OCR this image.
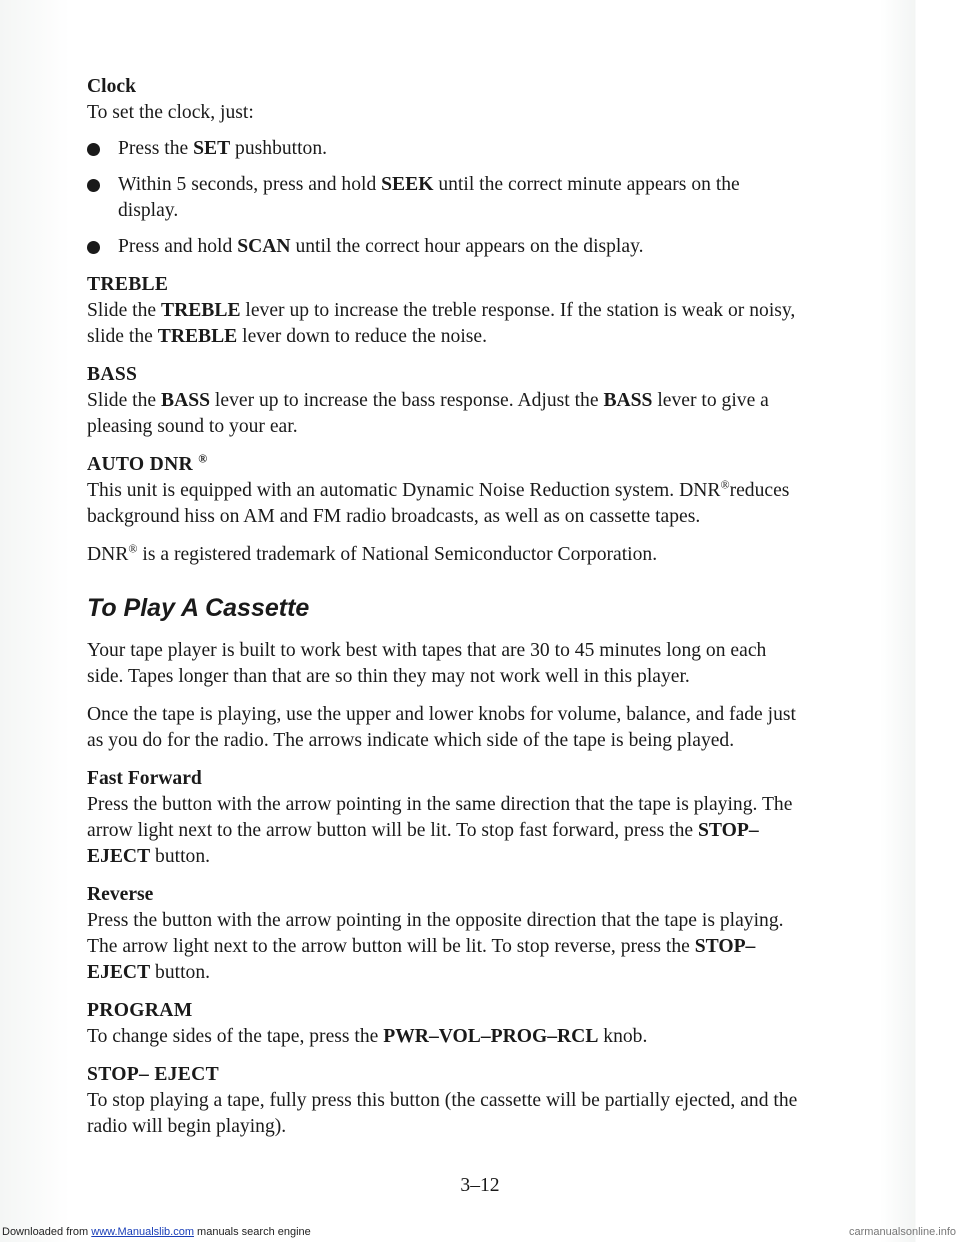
Clock

To set the clock, just:

Press the SET pushbutton.
Within 5 seconds, press and hold SEEK until the correct minute appears on the display.
Press and hold SCAN until the correct hour appears on the display.
TREBLE
Slide the TREBLE lever up to increase the treble response. If the station is weak or noisy, slide the TREBLE lever down to reduce the noise.
BASS
Slide the BASS lever up to increase the bass response. Adjust the BASS lever to give a pleasing sound to your ear.
AUTO DNR ®
This unit is equipped with an automatic Dynamic Noise Reduction system. DNR®reduces background hiss on AM and FM radio broadcasts, as well as on cassette tapes.

DNR® is a registered trademark of National Semiconductor Corporation.

To Play A Cassette

Your tape player is built to work best with tapes that are 30 to 45 minutes long on each side. Tapes longer than that are so thin they may not work well in this player.

Once the tape is playing, use the upper and lower knobs for volume, balance, and fade just as you do for the radio. The arrows indicate which side of the tape is being played.

Fast Forward
Press the button with the arrow pointing in the same direction that the tape is playing. The arrow light next to the arrow button will be lit. To stop fast forward, press the STOP–EJECT button.
Reverse
Press the button with the arrow pointing in the opposite direction that the tape is playing. The arrow light next to the arrow button will be lit. To stop reverse, press the STOP–EJECT button.
PROGRAM
To change sides of the tape, press the PWR–VOL–PROG–RCL knob.
STOP– EJECT
To stop playing a tape, fully press this button (the cassette will be partially ejected, and the radio will begin playing).
3–12
Downloaded from www.Manualslib.com manuals search engine	carmanualsonline.info
